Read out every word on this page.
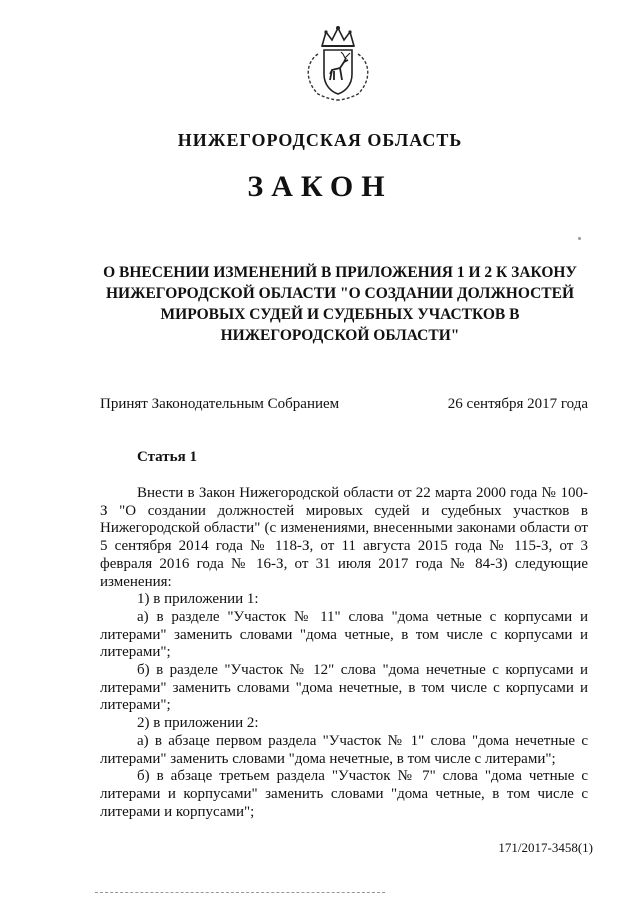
НИЖЕГОРОДСКАЯ ОБЛАСТЬ
ЗАКОН
О ВНЕСЕНИИ ИЗМЕНЕНИЙ В ПРИЛОЖЕНИЯ 1 И 2 К ЗАКОНУ
НИЖЕГОРОДСКОЙ ОБЛАСТИ "О СОЗДАНИИ ДОЛЖНОСТЕЙ
МИРОВЫХ СУДЕЙ И СУДЕБНЫХ УЧАСТКОВ В
НИЖЕГОРОДСКОЙ ОБЛАСТИ"
Принят Законодательным Собранием	26 сентября 2017 года
Статья 1

Внести в Закон Нижегородской области от 22 марта 2000 года № 100-З "О создании должностей мировых судей и судебных участков в Нижегородской области" (с изменениями, внесенными законами области от 5 сентября 2014 года № 118-З, от 11 августа 2015 года № 115-З, от 3 февраля 2016 года № 16-З, от 31 июля 2017 года № 84-З) следующие изменения:

1) в приложении 1:

а) в разделе "Участок № 11" слова "дома четные с корпусами и литерами" заменить словами "дома четные, в том числе с корпусами и литерами";

б) в разделе "Участок № 12" слова "дома нечетные с корпусами и литерами" заменить словами "дома нечетные, в том числе с корпусами и литерами";

2) в приложении 2:

а) в абзаце первом раздела "Участок № 1" слова "дома нечетные с литерами" заменить словами "дома нечетные, в том числе с литерами";

б) в абзаце третьем раздела "Участок № 7" слова "дома четные с литерами и корпусами" заменить словами "дома четные, в том числе с литерами и корпусами";

171/2017-3458(1)
